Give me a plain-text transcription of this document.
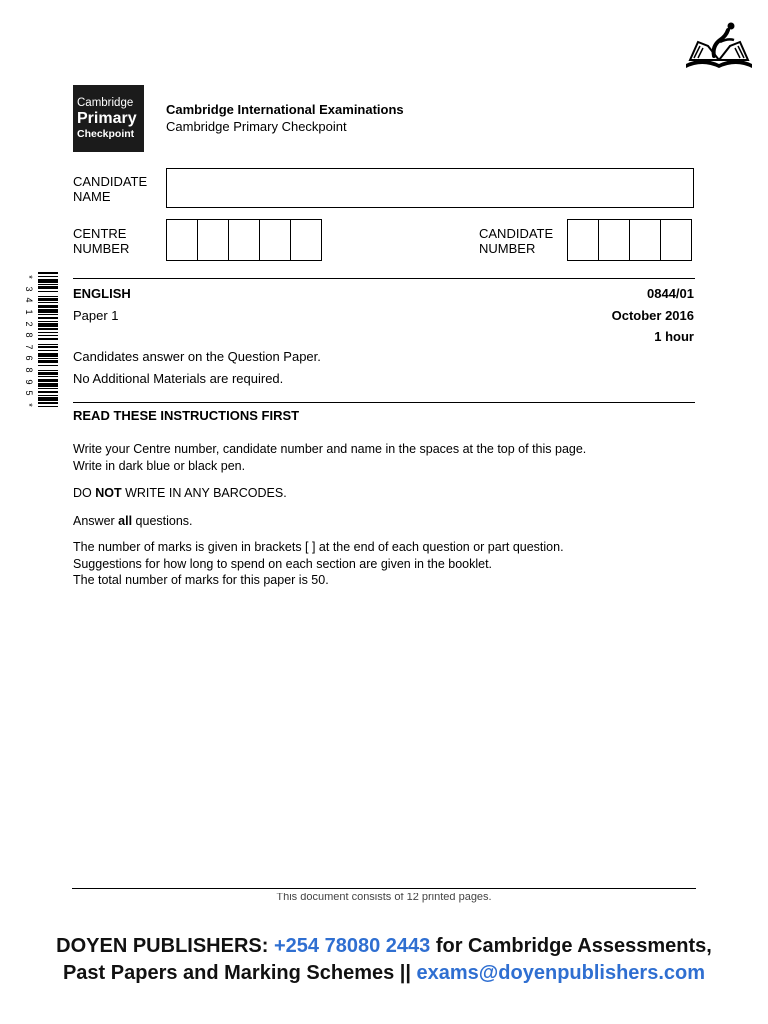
Cambridge
Primary
Checkpoint
Cambridge International Examinations
Cambridge Primary Checkpoint
CANDIDATE
NAME
CENTRE
NUMBER
CANDIDATE
NUMBER
ENGLISH
Paper 1
0844/01
October 2016
1 hour
Candidates answer on the Question Paper.
No Additional Materials are required.
READ THESE INSTRUCTIONS FIRST
Write your Centre number, candidate number and name in the spaces at the top of this page.
Write in dark blue or black pen.
DO NOT WRITE IN ANY BARCODES.
Answer all questions.
The number of marks is given in brackets [ ] at the end of each question or part question.
Suggestions for how long to spend on each section are given in the booklet.
The total number of marks for this paper is 50.
This document consists of 12 printed pages.
*
3
4
1
2
8
7
6
8
9
5
*
DOYEN PUBLISHERS: +254 78080 2443 for Cambridge Assessments,
Past Papers and Marking Schemes || exams@doyenpublishers.com
